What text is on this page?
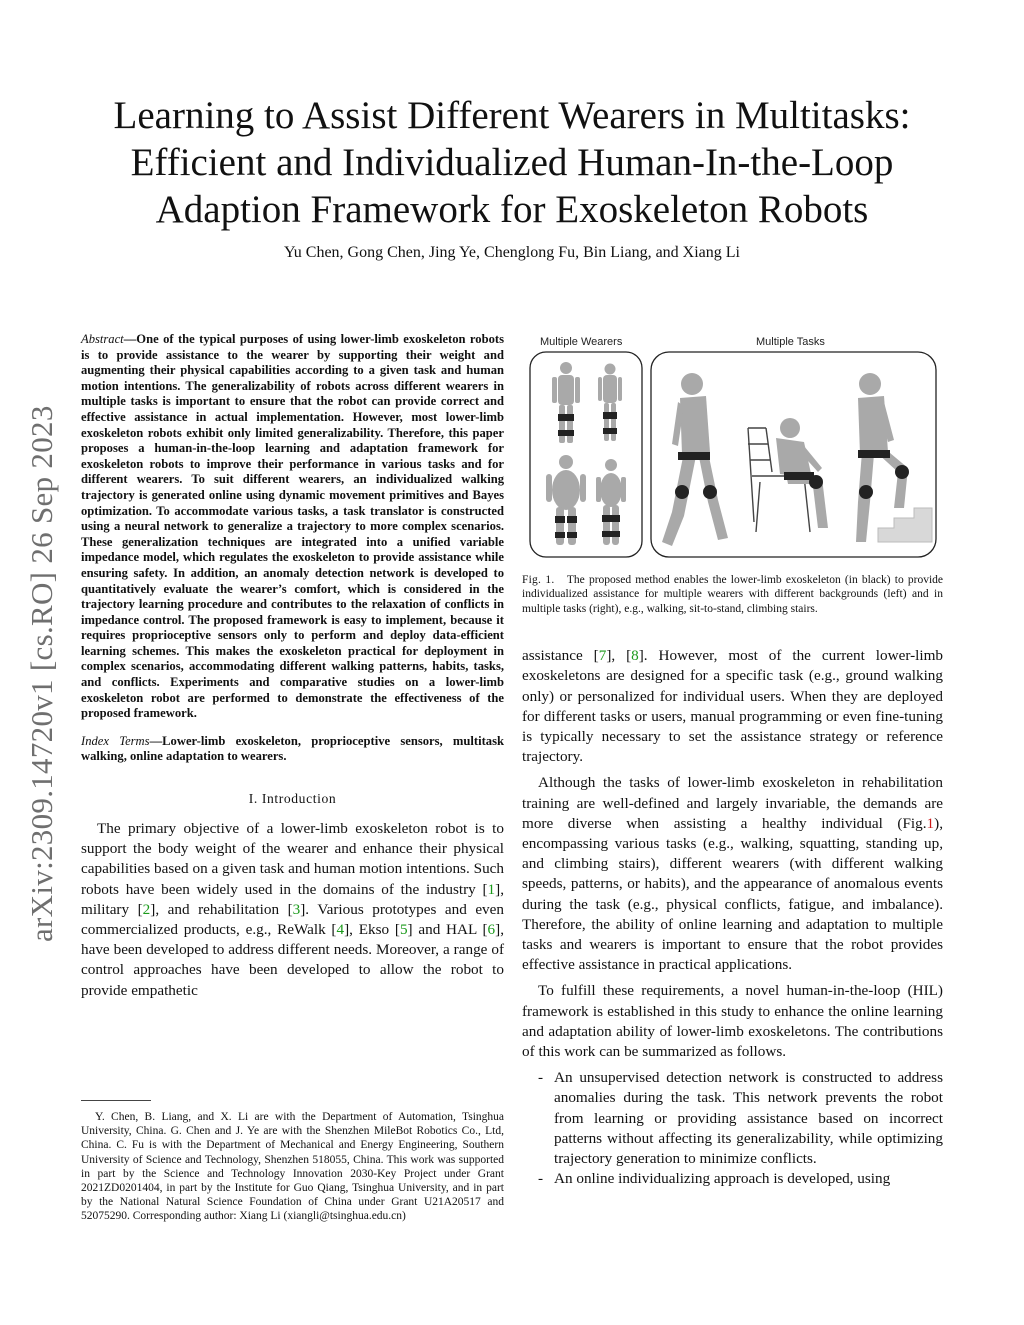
arXiv:2309.14720v1 [cs.RO] 26 Sep 2023
Learning to Assist Different Wearers in Multitasks:
Efficient and Individualized Human-In-the-Loop
Adaption Framework for Exoskeleton Robots
Yu Chen, Gong Chen, Jing Ye, Chenglong Fu, Bin Liang, and Xiang Li

Abstract—One of the typical purposes of using lower-limb exoskeleton robots is to provide assistance to the wearer by supporting their weight and augmenting their physical capabilities according to a given task and human motion intentions. The generalizability of robots across different wearers in multiple tasks is important to ensure that the robot can provide correct and effective assistance in actual implementation. However, most lower-limb exoskeleton robots exhibit only limited generalizability. Therefore, this paper proposes a human-in-the-loop learning and adaptation framework for exoskeleton robots to improve their performance in various tasks and for different wearers. To suit different wearers, an individualized walking trajectory is generated online using dynamic movement primitives and Bayes optimization. To accommodate various tasks, a task translator is constructed using a neural network to generalize a trajectory to more complex scenarios. These generalization techniques are integrated into a unified variable impedance model, which regulates the exoskeleton to provide assistance while ensuring safety. In addition, an anomaly detection network is developed to quantitatively evaluate the wearer’s comfort, which is considered in the trajectory learning procedure and contributes to the relaxation of conflicts in impedance control. The proposed framework is easy to implement, because it requires proprioceptive sensors only to perform and deploy data-efficient learning schemes. This makes the exoskeleton practical for deployment in complex scenarios, accommodating different walking patterns, habits, tasks, and conflicts. Experiments and comparative studies on a lower-limb exoskeleton robot are performed to demonstrate the effectiveness of the proposed framework.

Index Terms—Lower-limb exoskeleton, proprioceptive sensors, multitask walking, online adaptation to wearers.

I. Introduction

The primary objective of a lower-limb exoskeleton robot is to support the body weight of the wearer and enhance their physical capabilities based on a given task and human motion intentions. Such robots have been widely used in the domains of the industry [1], military [2], and rehabilitation [3]. Various prototypes and even commercialized products, e.g., ReWalk [4], Ekso [5] and HAL [6], have been developed to address different needs. Moreover, a range of control approaches have been developed to allow the robot to provide empathetic

Y. Chen, B. Liang, and X. Li are with the Department of Automation, Tsinghua University, China. G. Chen and J. Ye are with the Shenzhen MileBot Robotics Co., Ltd, China. C. Fu is with the Department of Mechanical and Energy Engineering, Southern University of Science and Technology, Shenzhen 518055, China. This work was supported in part by the Science and Technology Innovation 2030-Key Project under Grant 2021ZD0201404, in part by the Institute for Guo Qiang, Tsinghua University, and in part by the National Natural Science Foundation of China under Grant U21A20517 and 52075290. Corresponding author: Xiang Li (xiangli@tsinghua.edu.cn)

Multiple Wearers	Multiple Tasks

Fig. 1. The proposed method enables the lower-limb exoskeleton (in black) to provide individualized assistance for multiple wearers with different backgrounds (left) and in multiple tasks (right), e.g., walking, sit-to-stand, climbing stairs.

assistance [7], [8]. However, most of the current lower-limb exoskeletons are designed for a specific task (e.g., ground walking only) or personalized for individual users. When they are deployed for different tasks or users, manual programming or even fine-tuning is typically necessary to set the assistance strategy or reference trajectory.

Although the tasks of lower-limb exoskeleton in rehabilitation training are well-defined and largely invariable, the demands are more diverse when assisting a healthy individual (Fig.1), encompassing various tasks (e.g., walking, squatting, standing up, and climbing stairs), different wearers (with different walking speeds, patterns, or habits), and the appearance of anomalous events during the task (e.g., physical conflicts, fatigue, and imbalance). Therefore, the ability of online learning and adaptation to multiple tasks and wearers is important to ensure that the robot provides effective assistance in practical applications.

To fulfill these requirements, a novel human-in-the-loop (HIL) framework is established in this study to enhance the online learning and adaptation ability of lower-limb exoskeletons. The contributions of this work can be summarized as follows.

- An unsupervised detection network is constructed to address anomalies during the task. This network prevents the robot from learning or providing assistance based on incorrect patterns without affecting its generalizability, while optimizing trajectory generation to minimize conflicts.
- An online individualizing approach is developed, using
